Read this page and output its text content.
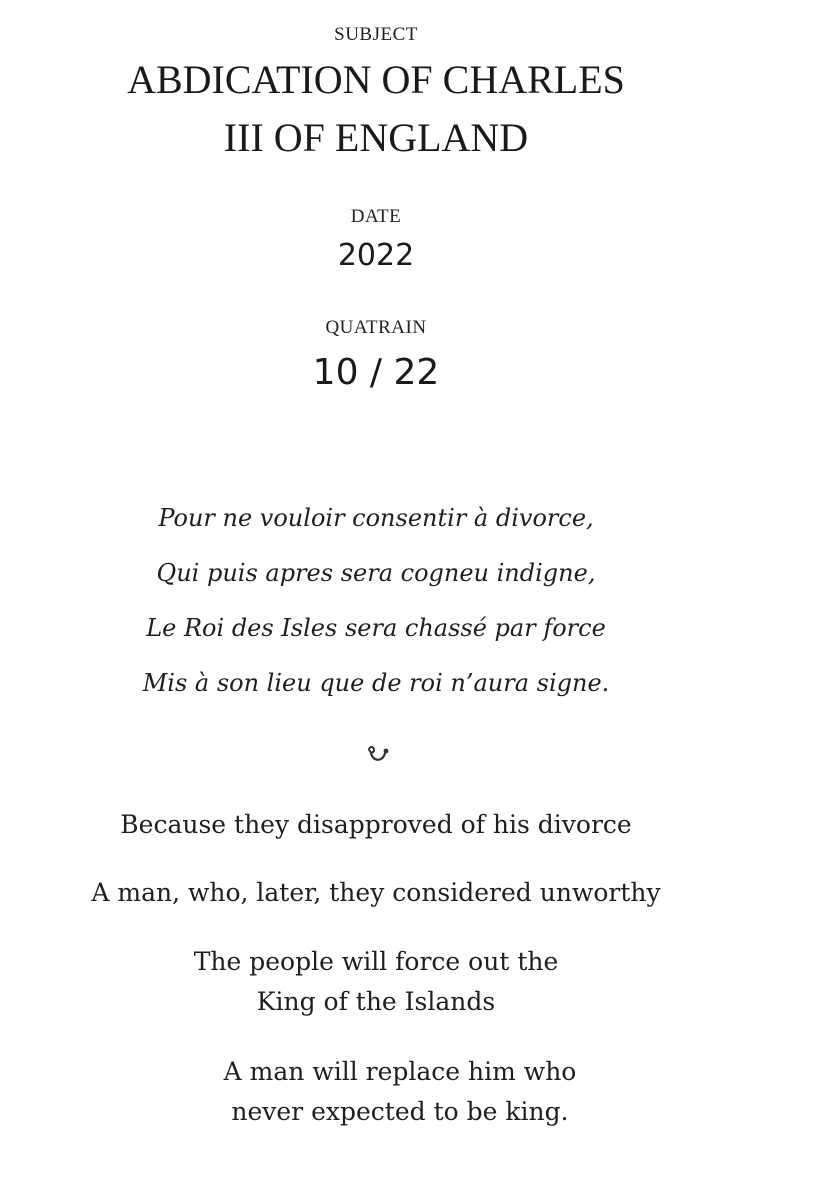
SUBJECT
ABDICATION OF CHARLES
III OF ENGLAND
DATE
2022
QUATRAIN
10 / 22
Pour ne vouloir consentir à divorce,
Qui puis apres sera cogneu indigne,
Le Roi des Isles sera chassé par force
Mis à son lieu que de roi n’aura signe.
Because they disapproved of his divorce
A man, who, later, they considered unworthy
The people will force out the
King of the Islands
A man will replace him who
never expected to be king.
